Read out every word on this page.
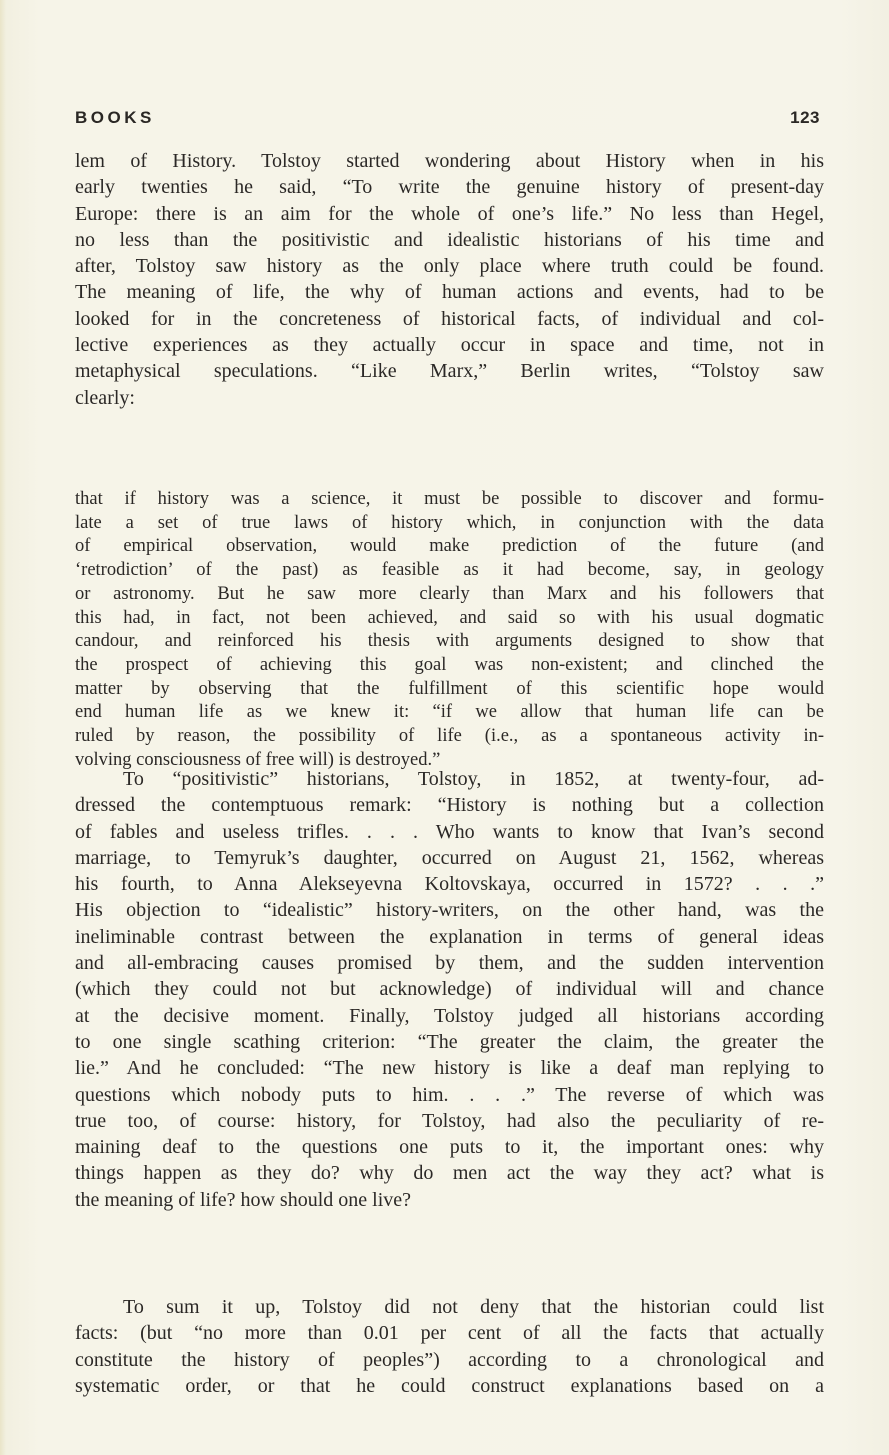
BOOKS	123
lem of History. Tolstoy started wondering about History when in his
early twenties he said, “To write the genuine history of present-day
Europe: there is an aim for the whole of one’s life.” No less than Hegel,
no less than the positivistic and idealistic historians of his time and
after, Tolstoy saw history as the only place where truth could be found.
The meaning of life, the why of human actions and events, had to be
looked for in the concreteness of historical facts, of individual and col-
lective experiences as they actually occur in space and time, not in
metaphysical speculations. “Like Marx,” Berlin writes, “Tolstoy saw
clearly:
that if history was a science, it must be possible to discover and formu-
late a set of true laws of history which, in conjunction with the data
of empirical observation, would make prediction of the future (and
‘retrodiction’ of the past) as feasible as it had become, say, in geology
or astronomy. But he saw more clearly than Marx and his followers that
this had, in fact, not been achieved, and said so with his usual dogmatic
candour, and reinforced his thesis with arguments designed to show that
the prospect of achieving this goal was non-existent; and clinched the
matter by observing that the fulfillment of this scientific hope would
end human life as we knew it: “if we allow that human life can be
ruled by reason, the possibility of life (i.e., as a spontaneous activity in-
volving consciousness of free will) is destroyed.”
To “positivistic” historians, Tolstoy, in 1852, at twenty-four, ad-
dressed the contemptuous remark: “History is nothing but a collection
of fables and useless trifles. . . . Who wants to know that Ivan’s second
marriage, to Temyruk’s daughter, occurred on August 21, 1562, whereas
his fourth, to Anna Alekseyevna Koltovskaya, occurred in 1572? . . .”
His objection to “idealistic” history-writers, on the other hand, was the
ineliminable contrast between the explanation in terms of general ideas
and all-embracing causes promised by them, and the sudden intervention
(which they could not but acknowledge) of individual will and chance
at the decisive moment. Finally, Tolstoy judged all historians according
to one single scathing criterion: “The greater the claim, the greater the
lie.” And he concluded: “The new history is like a deaf man replying to
questions which nobody puts to him. . . .” The reverse of which was
true too, of course: history, for Tolstoy, had also the peculiarity of re-
maining deaf to the questions one puts to it, the important ones: why
things happen as they do? why do men act the way they act? what is
the meaning of life? how should one live?
To sum it up, Tolstoy did not deny that the historian could list
facts: (but “no more than 0.01 per cent of all the facts that actually
constitute the history of peoples”) according to a chronological and
systematic order, or that he could construct explanations based on a
